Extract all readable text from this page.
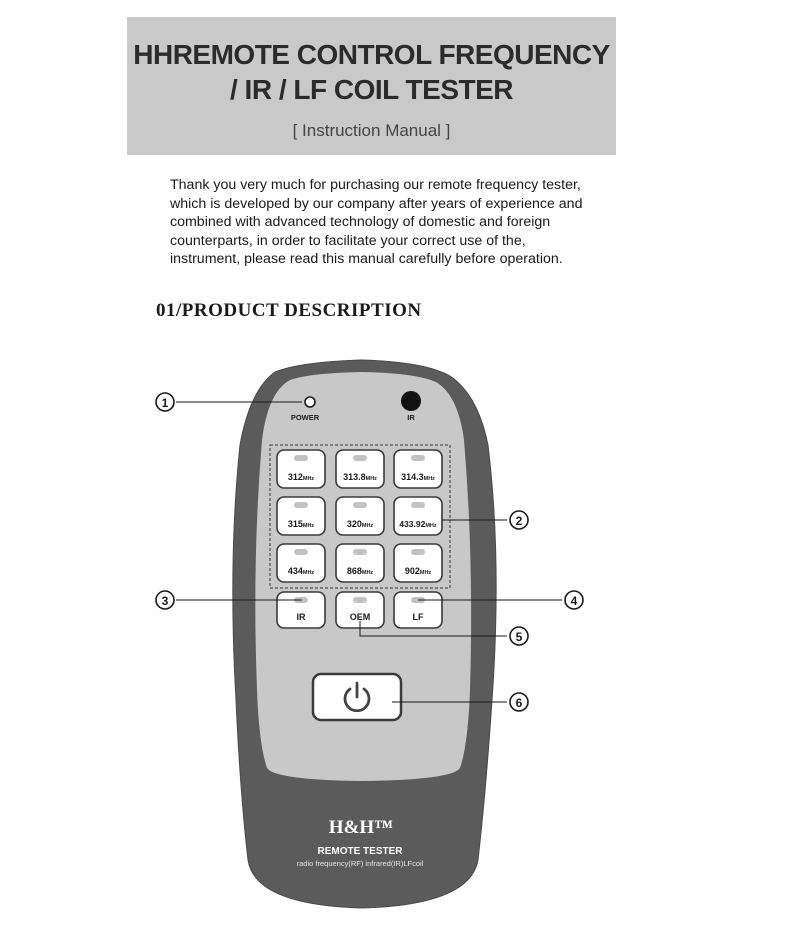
HHREMOTE CONTROL FREQUENCY
/ IR / LF COIL TESTER
[ Instruction Manual ]
Thank you very much for purchasing our remote frequency tester,
which is developed by our company after years of experience and
combined with advanced technology of domestic and foreign
counterparts, in order to facilitate your correct use of the,
instrument, please read this manual carefully before operation.
01/PRODUCT DESCRIPTION
POWER	IR
312MHz	313.8MHz	314.3MHz
315MHz	320MHz	433.92MHz
434MHz	868MHz	902MHz
IR	OEM	LF
H&H™
REMOTE TESTER
radio frequency(RF) infrared(IR)LFcoil
1
2
3	4
5
6
